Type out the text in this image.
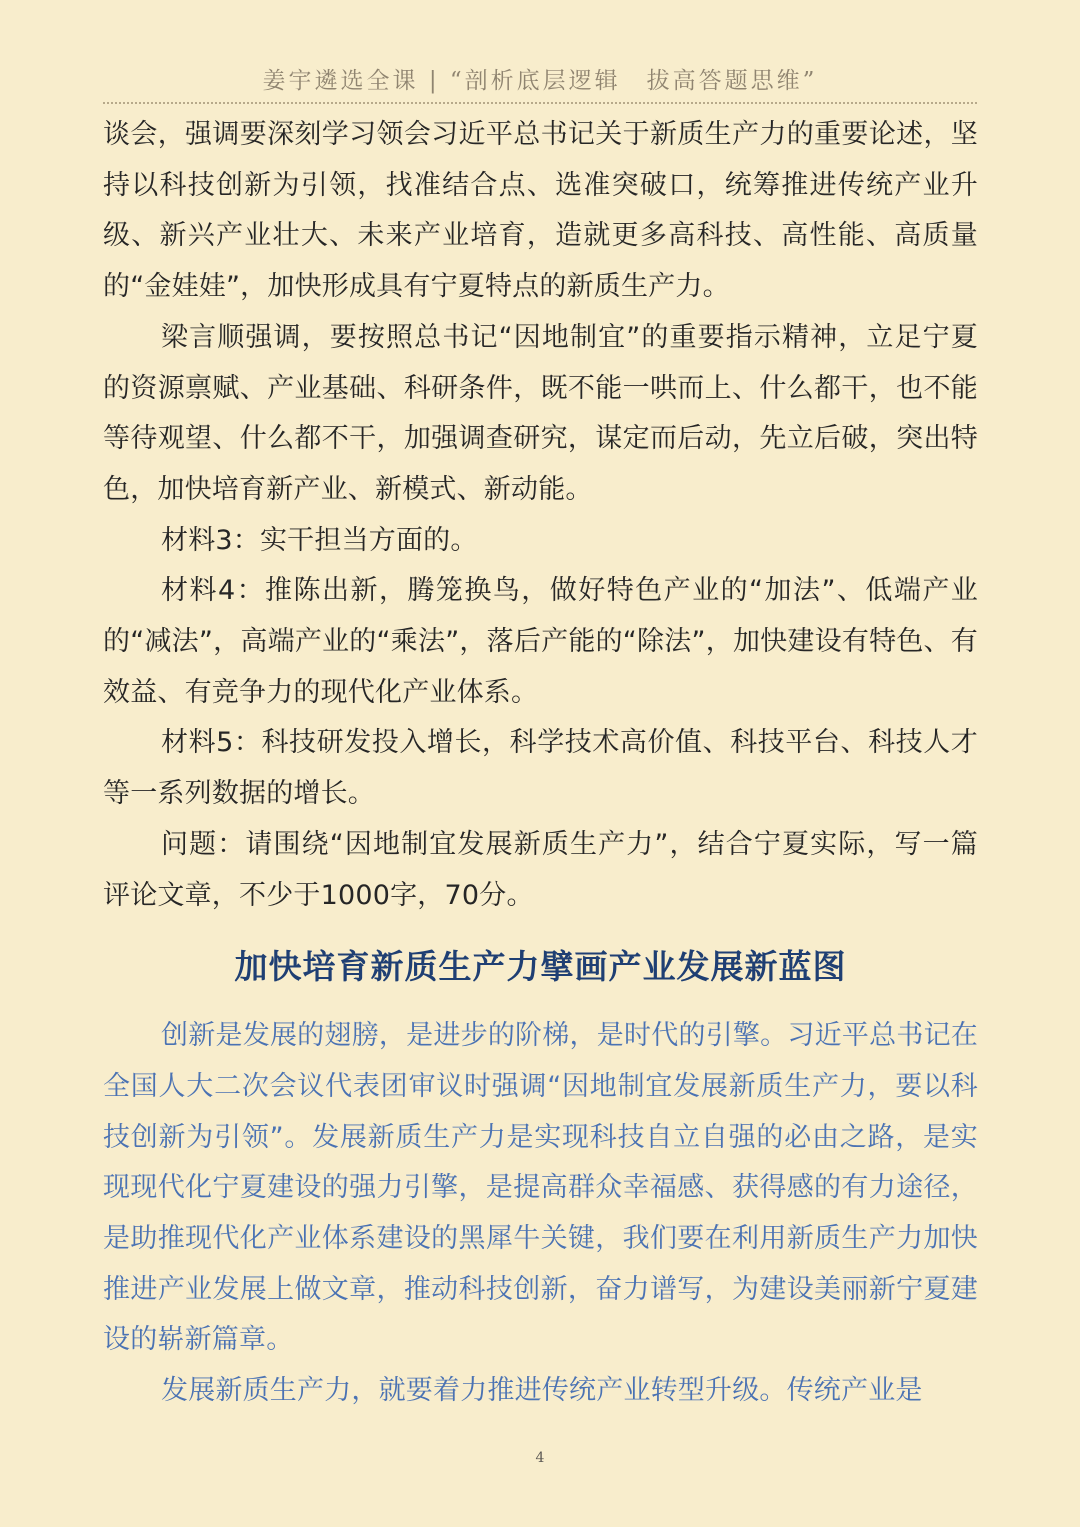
姜宇遴选全课 | “剖析底层逻辑　拔高答题思维”

谈会，强调要深刻学习领会习近平总书记关于新质生产力的重要论述，坚持以科技创新为引领，找准结合点、选准突破口，统筹推进传统产业升级、新兴产业壮大、未来产业培育，造就更多高科技、高性能、高质量的“金娃娃”，加快形成具有宁夏特点的新质生产力。

梁言顺强调，要按照总书记“因地制宜”的重要指示精神，立足宁夏的资源禀赋、产业基础、科研条件，既不能一哄而上、什么都干，也不能等待观望、什么都不干，加强调查研究，谋定而后动，先立后破，突出特色，加快培育新产业、新模式、新动能。

材料3：实干担当方面的。

材料4：推陈出新，腾笼换鸟，做好特色产业的“加法”、低端产业的“减法”，高端产业的“乘法”，落后产能的“除法”，加快建设有特色、有效益、有竞争力的现代化产业体系。

材料5：科技研发投入增长，科学技术高价值、科技平台、科技人才等一系列数据的增长。

问题：请围绕“因地制宜发展新质生产力”，结合宁夏实际，写一篇评论文章，不少于1000字，70分。

加快培育新质生产力擘画产业发展新蓝图

创新是发展的翅膀，是进步的阶梯，是时代的引擎。习近平总书记在全国人大二次会议代表团审议时强调“因地制宜发展新质生产力，要以科技创新为引领”。发展新质生产力是实现科技自立自强的必由之路，是实现现代化宁夏建设的强力引擎，是提高群众幸福感、获得感的有力途径，是助推现代化产业体系建设的黑犀牛关键，我们要在利用新质生产力加快推进产业发展上做文章，推动科技创新，奋力谱写，为建设美丽新宁夏建设的崭新篇章。

发展新质生产力，就要着力推进传统产业转型升级。传统产业是

4
